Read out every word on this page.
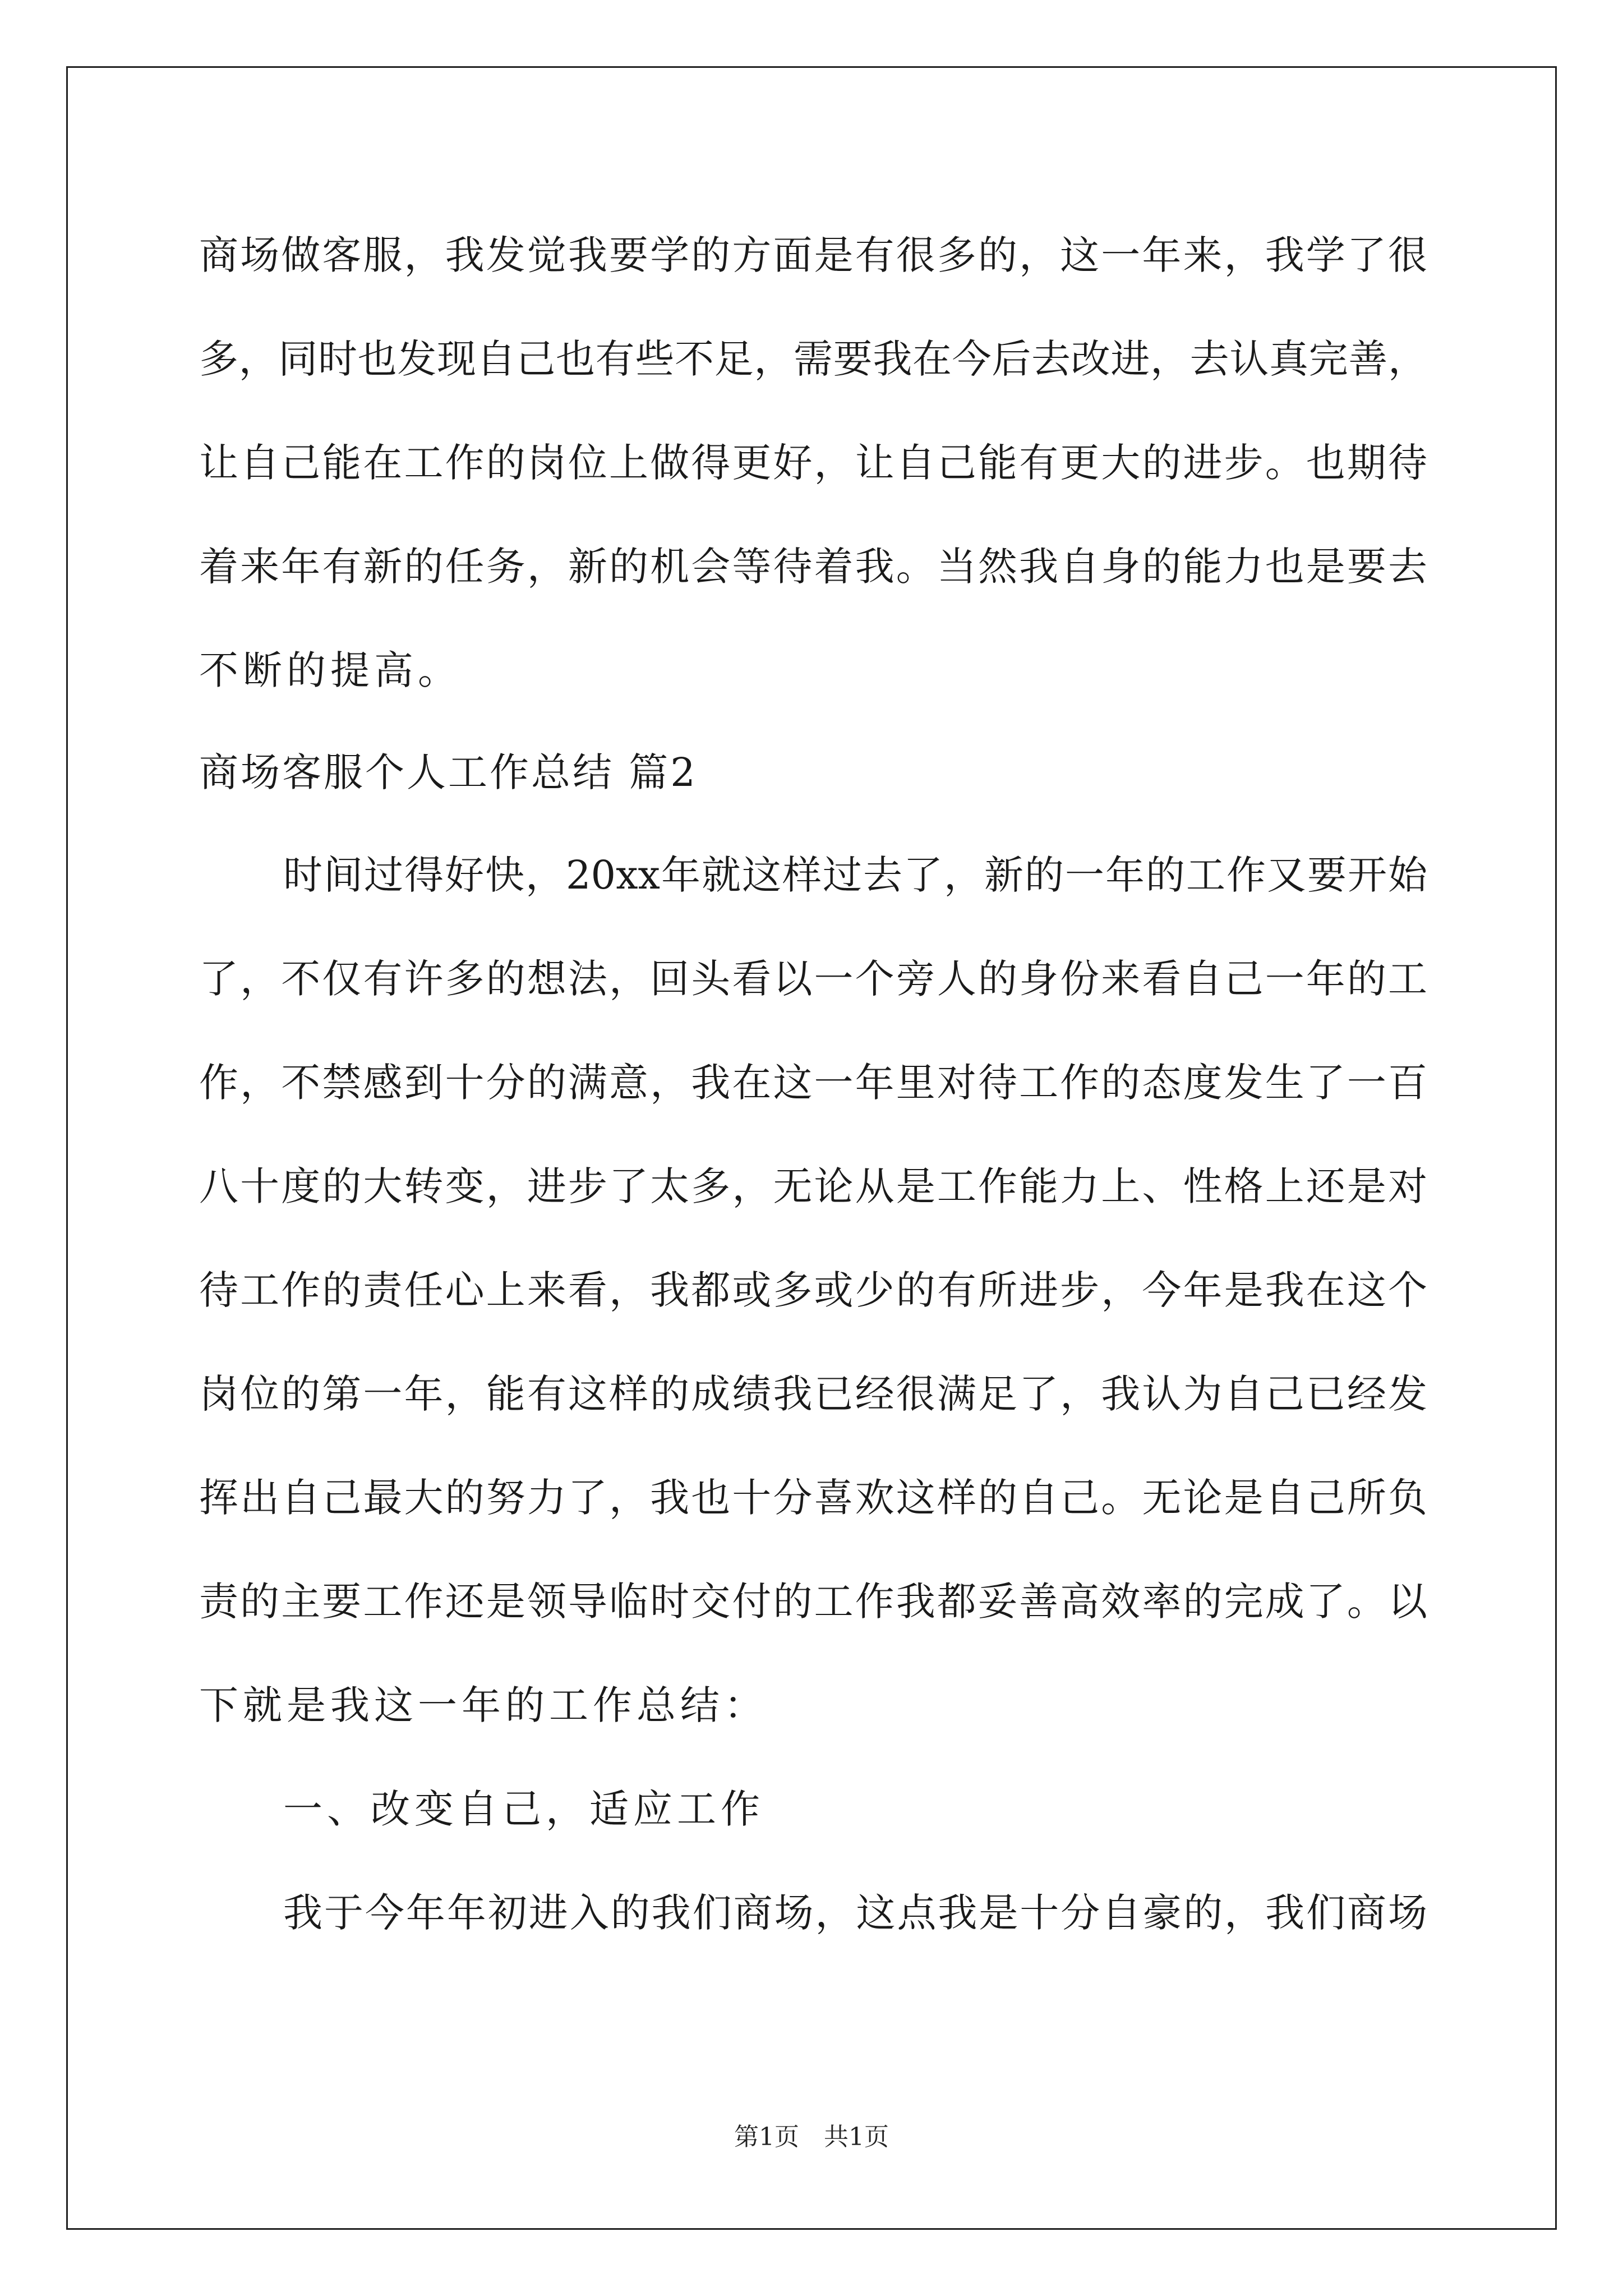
商场做客服，我发觉我要学的方面是有很多的，这一年来，我学了很
多，同时也发现自己也有些不足，需要我在今后去改进，去认真完善，
让自己能在工作的岗位上做得更好，让自己能有更大的进步。也期待
着来年有新的任务，新的机会等待着我。当然我自身的能力也是要去
不断的提高。
商场客服个人工作总结 篇2
时间过得好快，20xx年就这样过去了，新的一年的工作又要开始
了，不仅有许多的想法，回头看以一个旁人的身份来看自己一年的工
作，不禁感到十分的满意，我在这一年里对待工作的态度发生了一百
八十度的大转变，进步了太多，无论从是工作能力上、性格上还是对
待工作的责任心上来看，我都或多或少的有所进步，今年是我在这个
岗位的第一年，能有这样的成绩我已经很满足了，我认为自己已经发
挥出自己最大的努力了，我也十分喜欢这样的自己。无论是自己所负
责的主要工作还是领导临时交付的工作我都妥善高效率的完成了。以
下就是我这一年的工作总结：
一、改变自己，适应工作
我于今年年初进入的我们商场，这点我是十分自豪的，我们商场
第1页 共1页
